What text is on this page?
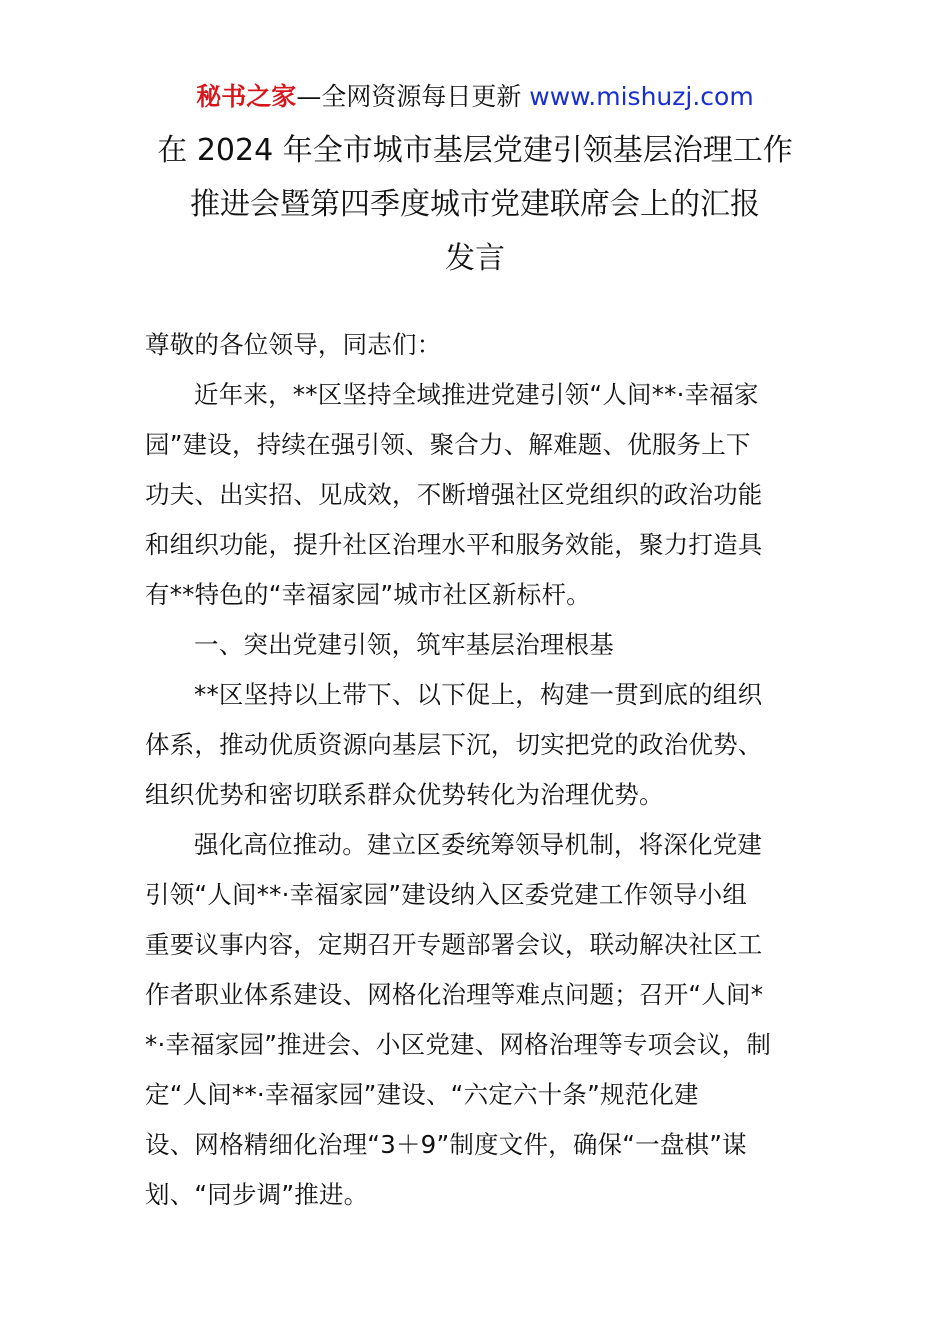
秘书之家—全网资源每日更新 www.mishuzj.com
在 2024 年全市城市基层党建引领基层治理工作
推进会暨第四季度城市党建联席会上的汇报
发言
尊敬的各位领导，同志们：
近年来，**区坚持全域推进党建引领“人间**·幸福家
园”建设，持续在强引领、聚合力、解难题、优服务上下
功夫、出实招、见成效，不断增强社区党组织的政治功能
和组织功能，提升社区治理水平和服务效能，聚力打造具
有**特色的“幸福家园”城市社区新标杆。
一、突出党建引领，筑牢基层治理根基
**区坚持以上带下、以下促上，构建一贯到底的组织
体系，推动优质资源向基层下沉，切实把党的政治优势、
组织优势和密切联系群众优势转化为治理优势。
强化高位推动。建立区委统筹领导机制，将深化党建
引领“人间**·幸福家园”建设纳入区委党建工作领导小组
重要议事内容，定期召开专题部署会议，联动解决社区工
作者职业体系建设、网格化治理等难点问题；召开“人间*
*·幸福家园”推进会、小区党建、网格治理等专项会议，制
定“人间**·幸福家园”建设、“六定六十条”规范化建
设、网格精细化治理“3＋9”制度文件，确保“一盘棋”谋
划、“同步调”推进。
